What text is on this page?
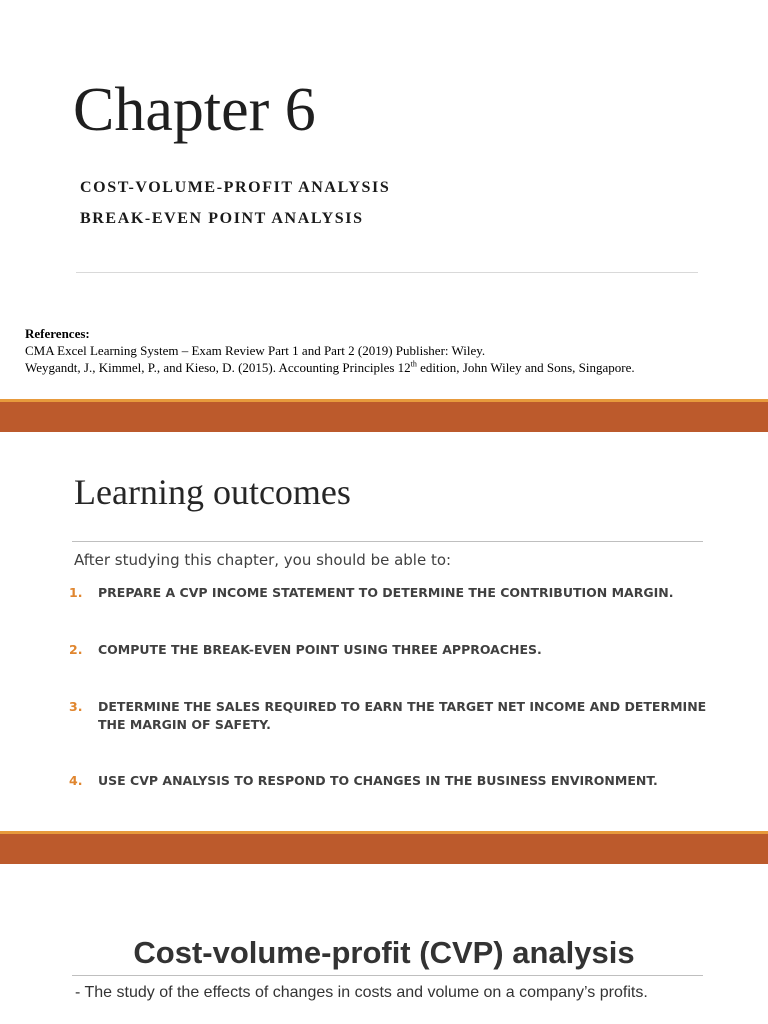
Chapter 6
COST-VOLUME-PROFIT ANALYSIS
BREAK-EVEN POINT ANALYSIS
References:
CMA Excel Learning System – Exam Review Part 1 and Part 2 (2019) Publisher: Wiley.
Weygandt, J., Kimmel, P., and Kieso, D. (2015). Accounting Principles 12th edition, John Wiley and Sons, Singapore.
Learning outcomes
After studying this chapter, you should be able to:
1.	PREPARE A CVP INCOME STATEMENT TO DETERMINE THE CONTRIBUTION MARGIN.
2.	COMPUTE THE BREAK-EVEN POINT USING THREE APPROACHES.
3.	DETERMINE THE SALES REQUIRED TO EARN THE TARGET NET INCOME AND DETERMINE THE MARGIN OF SAFETY.
4.	USE CVP ANALYSIS TO RESPOND TO CHANGES IN THE BUSINESS ENVIRONMENT.
Cost-volume-profit (CVP) analysis
- The study of the effects of changes in costs and volume on a company’s profits.
